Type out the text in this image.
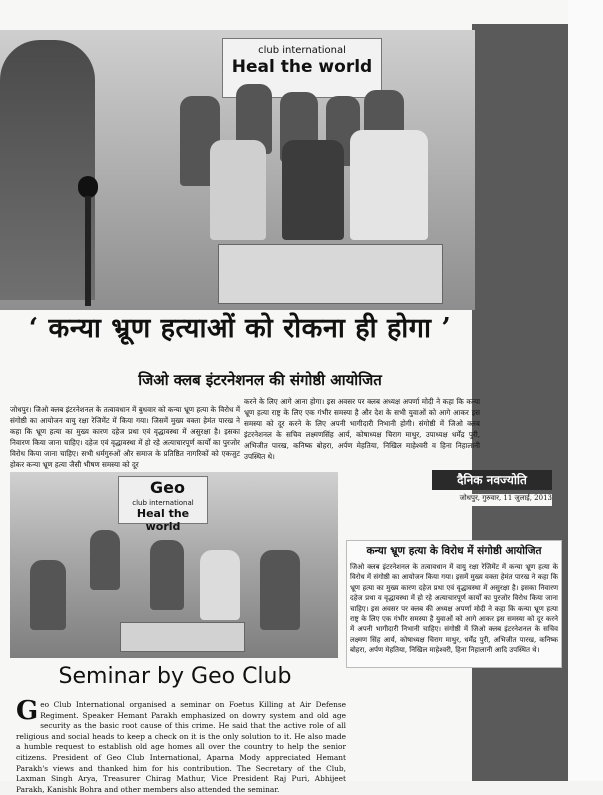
club international
Heal the world
‘ कन्या भ्रूण हत्याओं को रोकना ही होगा ’
जिओ क्लब इंटरनेशनल की संगोष्ठी आयोजित
जोधपुर। जिओ क्लब इंटरनेशनल के तत्वावधान में बुधवार को कन्या भ्रूण हत्या के विरोध में संगोष्ठी का आयोजन वायु रक्षा रेजिमेंट में किया गया। जिसमें मुख्य वक्ता हेमंत पारख ने कहा कि भ्रूण हत्या का मुख्य कारण दहेज प्रथा एवं वृद्धावस्था में असुरक्षा है। इसका निवारण किया जाना चाहिए। दहेज एवं वृद्धावस्था में हो रहे अत्याचारपूर्ण कार्यों का पुरजोर विरोध किया जाना चाहिए। सभी धर्मगुरुओं और समाज के प्रतिष्ठित नागरिकों को एकजुट होकर कन्या भ्रूण हत्या जैसी भीषण समस्या को दूर
करने के लिए आगे आना होगा। इस अवसर पर क्लब अध्यक्ष अपर्णा मोदी ने कहा कि कन्या भ्रूण हत्या राष्ट्र के लिए एक गंभीर समस्या है और देश के सभी युवाओं को आगे आकर इस समस्या को दूर करने के लिए अपनी भागीदारी निभानी होगी। संगोष्ठी में जिओ क्लब इंटरनेशनल के सचिव लक्ष्मणसिंह आर्य, कोषाध्यक्ष चिराग माथुर, उपाध्यक्ष धर्मेंद्र पुरी, अभिजीत पारख, कनिष्क बोहरा, अर्पण मेहतिया, निखिल माहेश्वरी व हिना निहालानी उपस्थित थे।
club international
Heal the world
Geo
Seminar by Geo Club
G eo Club International organised a seminar on Foetus Killing at Air Defense Regiment. Speaker Hemant Parakh emphasized on dowry system and old age security as the basic root cause of this crime. He said that the active role of all religious and social heads to keep a check on it is the only solution to it. He also made a humble request to establish old age homes all over the country to help the senior citizens. President of Geo Club International, Aparna Mody appreciated Hemant Parakh's views and thanked him for his contribution. The Secretary of the Club, Laxman Singh Arya, Treasurer Chirag Mathur, Vice President Raj Puri, Abhijeet Parakh, Kanishk Bohra and other members also attended the seminar.
दैनिक नवज्योति
जोधपुर, गुरुवार, 11 जुलाई, 2013
कन्या भ्रूण हत्या के विरोध में संगोष्ठी आयोजित
जिओ क्लब इंटरनेशनल के तत्वावधान में वायु रक्षा रेजिमेंट में कन्या भ्रूण हत्या के विरोध में संगोष्ठी का आयोजन किया गया। इसमें मुख्य वक्ता हेमंत पारख ने कहा कि भ्रूण हत्या का मुख्य कारण दहेज प्रथा एवं वृद्धावस्था में असुरक्षा है। इसका निवारण दहेज प्रथा व वृद्धावस्था में हो रहे अत्याचारपूर्ण कार्यों का पुरजोर विरोध किया जाना चाहिए। इस अवसर पर क्लब की अध्यक्ष अपर्णा मोदी ने कहा कि कन्या भ्रूण हत्या राष्ट्र के लिए एक गंभीर समस्या है युवाओं को आगे आकर इस समस्या को दूर करने में अपनी भागीदारी निभानी चाहिए। संगोष्ठी में जिओ क्लब इंटरनेशनल के सचिव लक्ष्मण सिंह आर्य, कोषाध्यक्ष चिराग माथुर, धर्मेंद्र पुरी, अभिजीत पारख, कनिष्क बोहरा, अर्पण मेहतिया, निखिल माहेश्वरी, हिना निहालानी आदि उपस्थित थे।
